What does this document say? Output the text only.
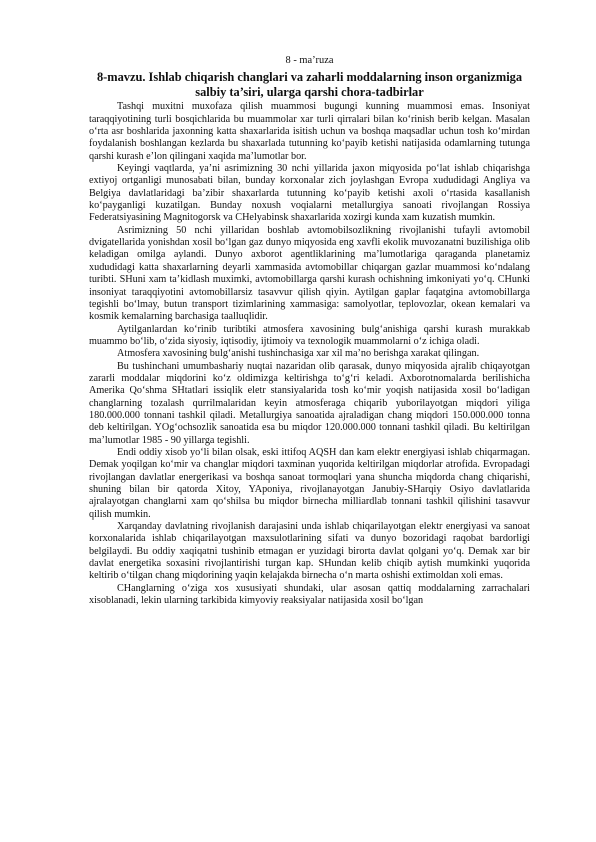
8 - ma’ruza
8-mavzu. Ishlab chiqarish changlari va zaharli moddalarning inson organizmiga salbiy ta’siri, ularga qarshi chora-tadbirlar

Tashqi muxitni muxofaza qilish muammosi bugungi kunning muammosi emas. Insoniyat taraqqiyotining turli bosqichlarida bu muammolar xar turli qirralari bilan ko‘rinish berib kelgan. Masalan o‘rta asr boshlarida jaxonning katta shaxarlarida isitish uchun va boshqa maqsadlar uchun tosh ko‘mirdan foydalanish boshlangan kezlarda bu shaxarlada tutunning ko‘payib ketishi natijasida odamlarning tutunga qarshi kurash e’lon qilingani xaqida ma’lumotlar bor.

Keyingi vaqtlarda, ya’ni asrimizning 30 nchi yillarida jaxon miqyosida po‘lat ishlab chiqarishga extiyoj ortganligi munosabati bilan, bunday korxonalar zich joylashgan Evropa xududidagi Angliya va Belgiya davlatlaridagi ba’zibir shaxarlarda tutunning ko‘payib ketishi axoli o‘rtasida kasallanish ko‘payganligi kuzatilgan. Bunday noxush voqialarni metallurgiya sanoati rivojlangan Rossiya Federatsiyasining Magnitogorsk va CHelyabinsk shaxarlarida xozirgi kunda xam kuzatish mumkin.

Asrimizning 50 nchi yillaridan boshlab avtomobilsozlikning rivojlanishi tufayli avtomobil dvigatellarida yonishdan xosil bo‘lgan gaz dunyo miqyosida eng xavfli ekolik muvozanatni buzilishiga olib keladigan omilga aylandi. Dunyo axborot agentliklarining ma’lumotlariga qaraganda planetamiz xududidagi katta shaxarlarning deyarli xammasida avtomobillar chiqargan gazlar muammosi ko‘ndalang turibti. SHuni xam ta’kidlash muximki, avtomobillarga qarshi kurash ochishning imkoniyati yo‘q. CHunki insoniyat taraqqiyotini avtomobillarsiz tasavvur qilish qiyin. Aytilgan gaplar faqatgina avtomobillarga tegishli bo‘lmay, butun transport tizimlarining xammasiga: samolyotlar, teplovozlar, okean kemalari va kosmik kemalarning barchasiga taalluqlidir.

Aytilganlardan ko‘rinib turibtiki atmosfera xavosining bulg‘anishiga qarshi kurash murakkab muammo bo‘lib, o‘zida siyosiy, iqtisodiy, ijtimoiy va texnologik muammolarni o‘z ichiga oladi.

Atmosfera xavosining bulg‘anishi tushinchasiga xar xil ma’no berishga xarakat qilingan.

Bu tushinchani umumbashariy nuqtai nazaridan olib qarasak, dunyo miqyosida ajralib chiqayotgan zararli moddalar miqdorini ko‘z oldimizga keltirishga to‘g‘ri keladi. Axborotnomalarda berilishicha Amerika Qo‘shma SHtatlari issiqlik eletr stansiyalarida tosh ko‘mir yoqish natijasida xosil bo‘ladigan changlarning tozalash qurrilmalaridan keyin atmosferaga chiqarib yuborilayotgan miqdori yiliga 180.000.000 tonnani tashkil qiladi. Metallurgiya sanoatida ajraladigan chang miqdori 150.000.000 tonna deb keltirilgan. YOg‘ochsozlik sanoatida esa bu miqdor 120.000.000 tonnani tashkil qiladi. Bu keltirilgan ma’lumotlar 1985 - 90 yillarga tegishli.

Endi oddiy xisob yo‘li bilan olsak, eski ittifoq AQSH dan kam elektr energiyasi ishlab chiqarmagan. Demak yoqilgan ko‘mir va changlar miqdori taxminan yuqorida keltirilgan miqdorlar atrofida. Evropadagi rivojlangan davlatlar energerikasi va boshqa sanoat tormoqlari yana shuncha miqdorda chang chiqarishi, shuning bilan bir qatorda Xitoy, YAponiya, rivojlanayotgan Janubiy-SHarqiy Osiyo davlatlarida ajralayotgan changlarni xam qo‘shilsa bu miqdor birnecha milliardlab tonnani tashkil qilishini tasavvur qilish mumkin.

Xarqanday davlatning rivojlanish darajasini unda ishlab chiqarilayotgan elektr energiyasi va sanoat korxonalarida ishlab chiqarilayotgan maxsulotlarining sifati va dunyo bozoridagi raqobat bardorligi belgilaydi. Bu oddiy xaqiqatni tushinib etmagan er yuzidagi birorta davlat qolgani yo‘q. Demak xar bir davlat energetika soxasini rivojlantirishi turgan kap. SHundan kelib chiqib aytish mumkinki yuqorida keltirib o‘tilgan chang miqdorining yaqin kelajakda birnecha o‘n marta oshishi extimoldan xoli emas.

CHanglarning o‘ziga xos xususiyati shundaki, ular asosan qattiq moddalarning zarrachalari xisoblanadi, lekin ularning tarkibida kimyoviy reaksiyalar natijasida xosil bo‘lgan
